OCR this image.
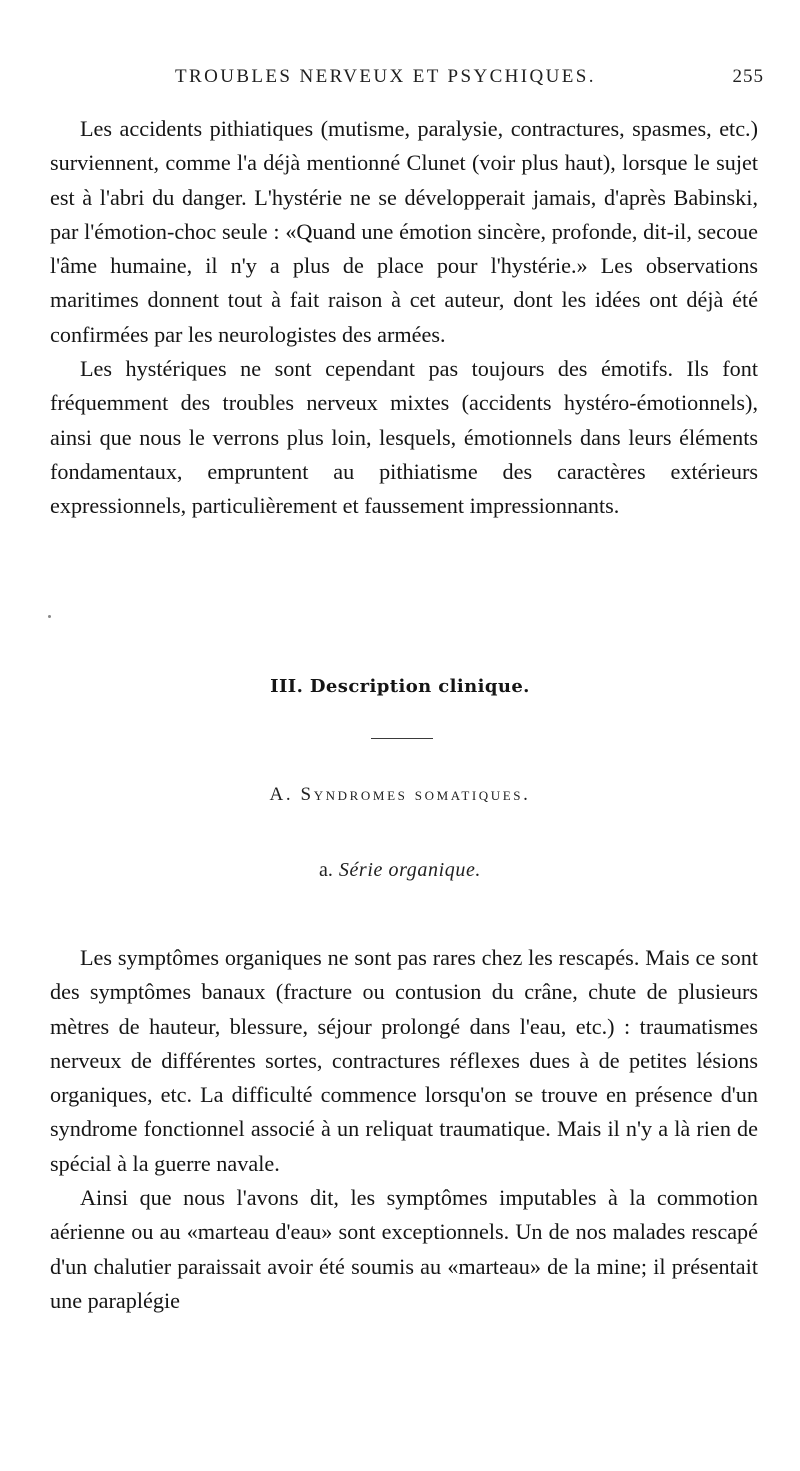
TROUBLES NERVEUX ET PSYCHIQUES.	255

Les accidents pithiatiques (mutisme, paralysie, contractures, spasmes, etc.) surviennent, comme l'a déjà mentionné Clunet (voir plus haut), lorsque le sujet est à l'abri du danger. L'hystérie ne se développerait jamais, d'après Babinski, par l'émotion-choc seule : «Quand une émotion sincère, profonde, dit-il, secoue l'âme humaine, il n'y a plus de place pour l'hystérie.» Les observations maritimes donnent tout à fait raison à cet auteur, dont les idées ont déjà été confirmées par les neurologistes des armées.

Les hystériques ne sont cependant pas toujours des émotifs. Ils font fréquemment des troubles nerveux mixtes (accidents hystéro-émotionnels), ainsi que nous le verrons plus loin, lesquels, émotionnels dans leurs éléments fondamentaux, empruntent au pithiatisme des caractères extérieurs expressionnels, particulièrement et faussement impressionnants.

III. Description clinique.
A. Syndromes somatiques.
a. Série organique.

Les symptômes organiques ne sont pas rares chez les rescapés. Mais ce sont des symptômes banaux (fracture ou contusion du crâne, chute de plusieurs mètres de hauteur, blessure, séjour prolongé dans l'eau, etc.) : traumatismes nerveux de différentes sortes, contractures réflexes dues à de petites lésions organiques, etc. La difficulté commence lorsqu'on se trouve en présence d'un syndrome fonctionnel associé à un reliquat traumatique. Mais il n'y a là rien de spécial à la guerre navale.

Ainsi que nous l'avons dit, les symptômes imputables à la commotion aérienne ou au «marteau d'eau» sont exceptionnels. Un de nos malades rescapé d'un chalutier paraissait avoir été soumis au «marteau» de la mine; il présentait une paraplégie
